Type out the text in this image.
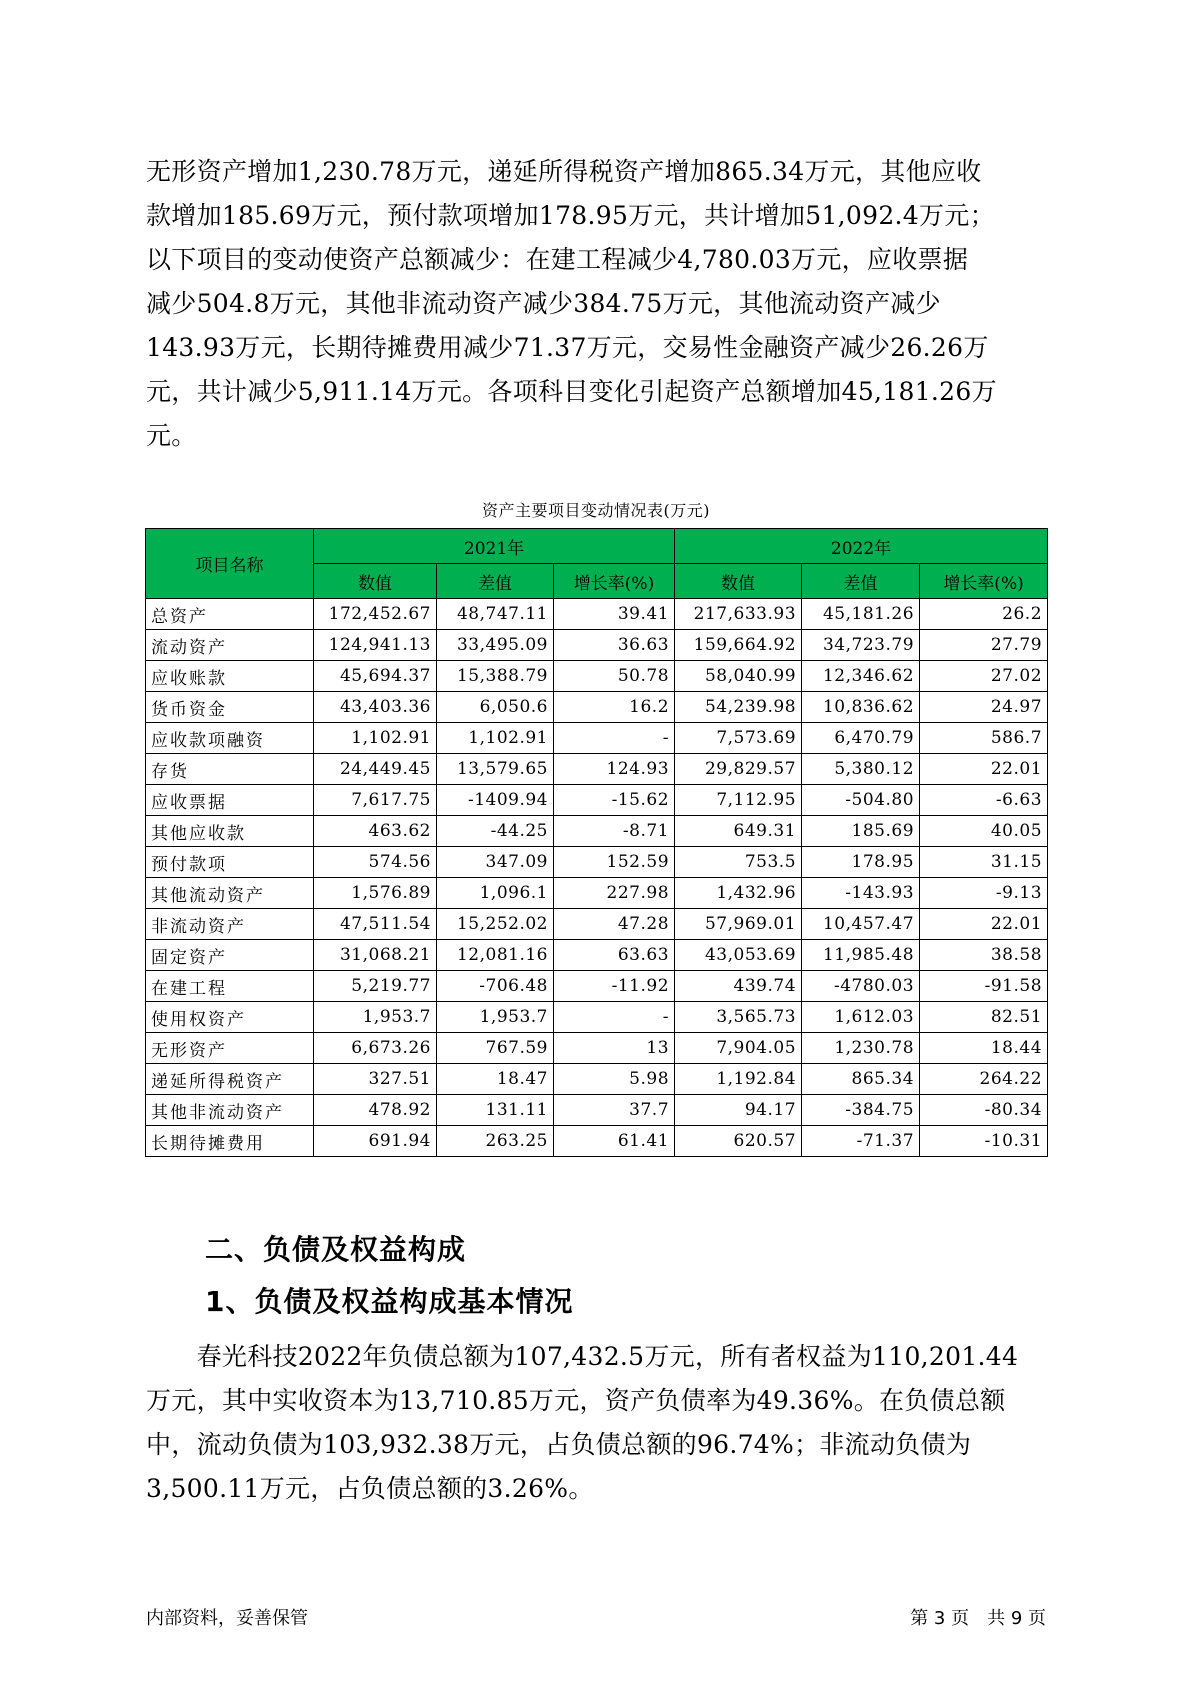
无形资产增加1,230.78万元，递延所得税资产增加865.34万元，其他应收
款增加185.69万元，预付款项增加178.95万元，共计增加51,092.4万元；
以下项目的变动使资产总额减少：在建工程减少4,780.03万元，应收票据
减少504.8万元，其他非流动资产减少384.75万元，其他流动资产减少
143.93万元，长期待摊费用减少71.37万元，交易性金融资产减少26.26万
元，共计减少5,911.14万元。各项科目变化引起资产总额增加45,181.26万
元。
资产主要项目变动情况表(万元)
项目名称	2021年			2022年		
	数值	差值	增长率(%)	数值	差值	增长率(%)
总资产	172,452.67	48,747.11	39.41	217,633.93	45,181.26	26.2
流动资产	124,941.13	33,495.09	36.63	159,664.92	34,723.79	27.79
应收账款	45,694.37	15,388.79	50.78	58,040.99	12,346.62	27.02
货币资金	43,403.36	6,050.6	16.2	54,239.98	10,836.62	24.97
应收款项融资	1,102.91	1,102.91	-	7,573.69	6,470.79	586.7
存货	24,449.45	13,579.65	124.93	29,829.57	5,380.12	22.01
应收票据	7,617.75	-1409.94	-15.62	7,112.95	-504.80	-6.63
其他应收款	463.62	-44.25	-8.71	649.31	185.69	40.05
预付款项	574.56	347.09	152.59	753.5	178.95	31.15
其他流动资产	1,576.89	1,096.1	227.98	1,432.96	-143.93	-9.13
非流动资产	47,511.54	15,252.02	47.28	57,969.01	10,457.47	22.01
固定资产	31,068.21	12,081.16	63.63	43,053.69	11,985.48	38.58
在建工程	5,219.77	-706.48	-11.92	439.74	-4780.03	-91.58
使用权资产	1,953.7	1,953.7	-	3,565.73	1,612.03	82.51
无形资产	6,673.26	767.59	13	7,904.05	1,230.78	18.44
递延所得税资产	327.51	18.47	5.98	1,192.84	865.34	264.22
其他非流动资产	478.92	131.11	37.7	94.17	-384.75	-80.34
长期待摊费用	691.94	263.25	61.41	620.57	-71.37	-10.31
二、负债及权益构成
1、负债及权益构成基本情况
　　春光科技2022年负债总额为107,432.5万元，所有者权益为110,201.44
万元，其中实收资本为13,710.85万元，资产负债率为49.36%。在负债总额
中，流动负债为103,932.38万元，占负债总额的96.74%；非流动负债为
3,500.11万元，占负债总额的3.26%。
内部资料，妥善保管	第 3 页　共 9 页
